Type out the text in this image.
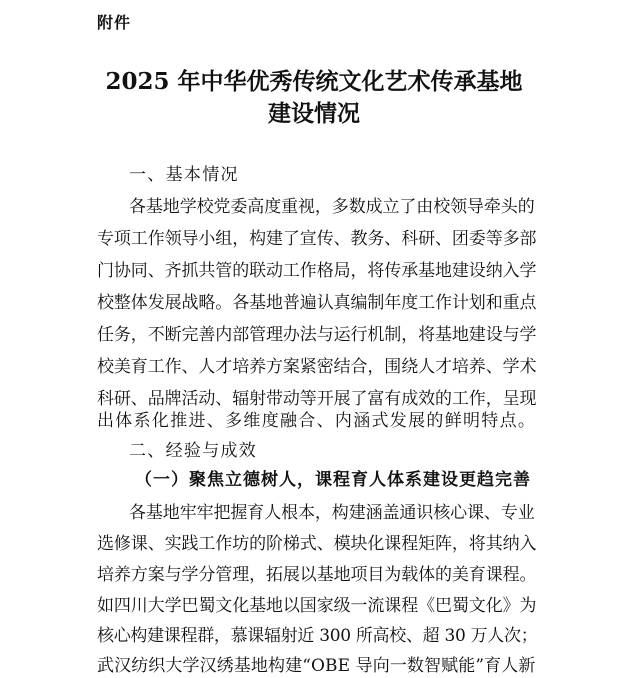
附件
2025 年中华优秀传统文化艺术传承基地
建设情况
一、基本情况
各基地学校党委高度重视，多数成立了由校领导牵头的
专项工作领导小组，构建了宣传、教务、科研、团委等多部
门协同、齐抓共管的联动工作格局，将传承基地建设纳入学
校整体发展战略。各基地普遍认真编制年度工作计划和重点
任务，不断完善内部管理办法与运行机制，将基地建设与学
校美育工作、人才培养方案紧密结合，围绕人才培养、学术
科研、品牌活动、辐射带动等开展了富有成效的工作，呈现
出体系化推进、多维度融合、内涵式发展的鲜明特点。
二、经验与成效
（一）聚焦立德树人，课程育人体系建设更趋完善
各基地牢牢把握育人根本，构建涵盖通识核心课、专业
选修课、实践工作坊的阶梯式、模块化课程矩阵，将其纳入
培养方案与学分管理，拓展以基地项目为载体的美育课程。
如四川大学巴蜀文化基地以国家级一流课程《巴蜀文化》为
核心构建课程群，慕课辐射近 300 所高校、超 30 万人次；
武汉纺织大学汉绣基地构建“OBE 导向一数智赋能”育人新
